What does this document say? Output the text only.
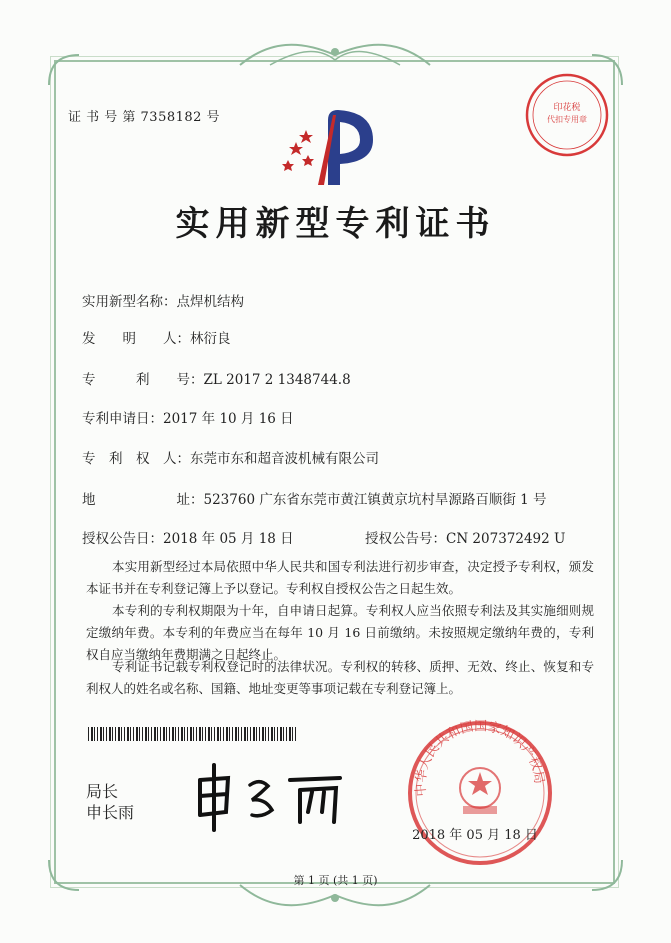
证 书 号 第 7358182 号
印花税
代扣专用章
实用新型专利证书
实用新型名称：点焊机结构
发　　明　　人：林衍良
专　　　利　　号：ZL 2017 2 1348744.8
专利申请日：2017 年 10 月 16 日
专　利　权　人：东莞市东和超音波机械有限公司
地　　　　　　址：523760 广东省东莞市黄江镇黄京坑村旱源路百顺街 1 号
授权公告日：2018 年 05 月 18 日	授权公告号：CN 207372492 U
本实用新型经过本局依照中华人民共和国专利法进行初步审查，决定授予专利权，颁发本证书并在专利登记簿上予以登记。专利权自授权公告之日起生效。
本专利的专利权期限为十年，自申请日起算。专利权人应当依照专利法及其实施细则规定缴纳年费。本专利的年费应当在每年 10 月 16 日前缴纳。未按照规定缴纳年费的，专利权自应当缴纳年费期满之日起终止。
专利证书记载专利权登记时的法律状况。专利权的转移、质押、无效、终止、恢复和专利权人的姓名或名称、国籍、地址变更等事项记载在专利登记簿上。
局长
申长雨
中华人民共和国国家知识产权局
2018 年 05 月 18 日
第 1 页 (共 1 页)
